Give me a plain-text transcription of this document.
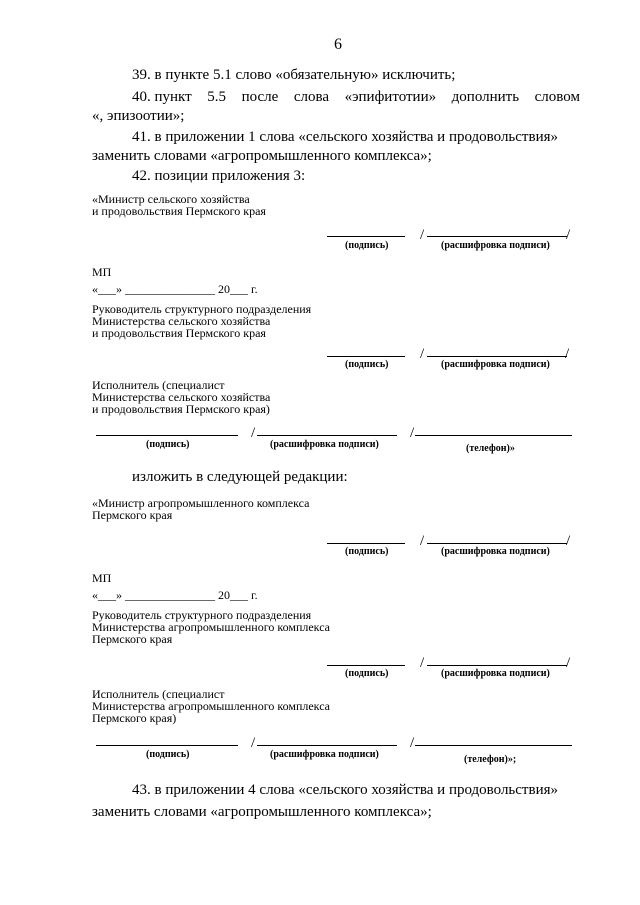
6
39. в пункте 5.1 слово «обязательную» исключить;
40. пункт 5.5 после слова «эпифитотии» дополнить словом
«, эпизоотии»;
41. в приложении 1 слова «сельского хозяйства и продовольствия»
заменить словами «агропромышленного комплекса»;
42. позиции приложения 3:
«Министр сельского хозяйства
и продовольствия Пермского края
/	/
(подпись)	(расшифровка подписи)
МП
«___» _______________ 20___ г.
Руководитель структурного подразделения
Министерства сельского хозяйства
и продовольствия Пермского края
/	/
(подпись)	(расшифровка подписи)
Исполнитель (специалист
Министерства сельского хозяйства
и продовольствия Пермского края)
/	/
(подпись)	(расшифровка подписи)	(телефон)»
изложить в следующей редакции:
«Министр агропромышленного комплекса
Пермского края
/	/
(подпись)	(расшифровка подписи)
МП
«___» _______________ 20___ г.
Руководитель структурного подразделения
Министерства агропромышленного комплекса
Пермского края
/	/
(подпись)	(расшифровка подписи)
Исполнитель (специалист
Министерства агропромышленного комплекса
Пермского края)
/	/
(подпись)	(расшифровка подписи)	(телефон)»;
43. в приложении 4 слова «сельского хозяйства и продовольствия»
заменить словами «агропромышленного комплекса»;
